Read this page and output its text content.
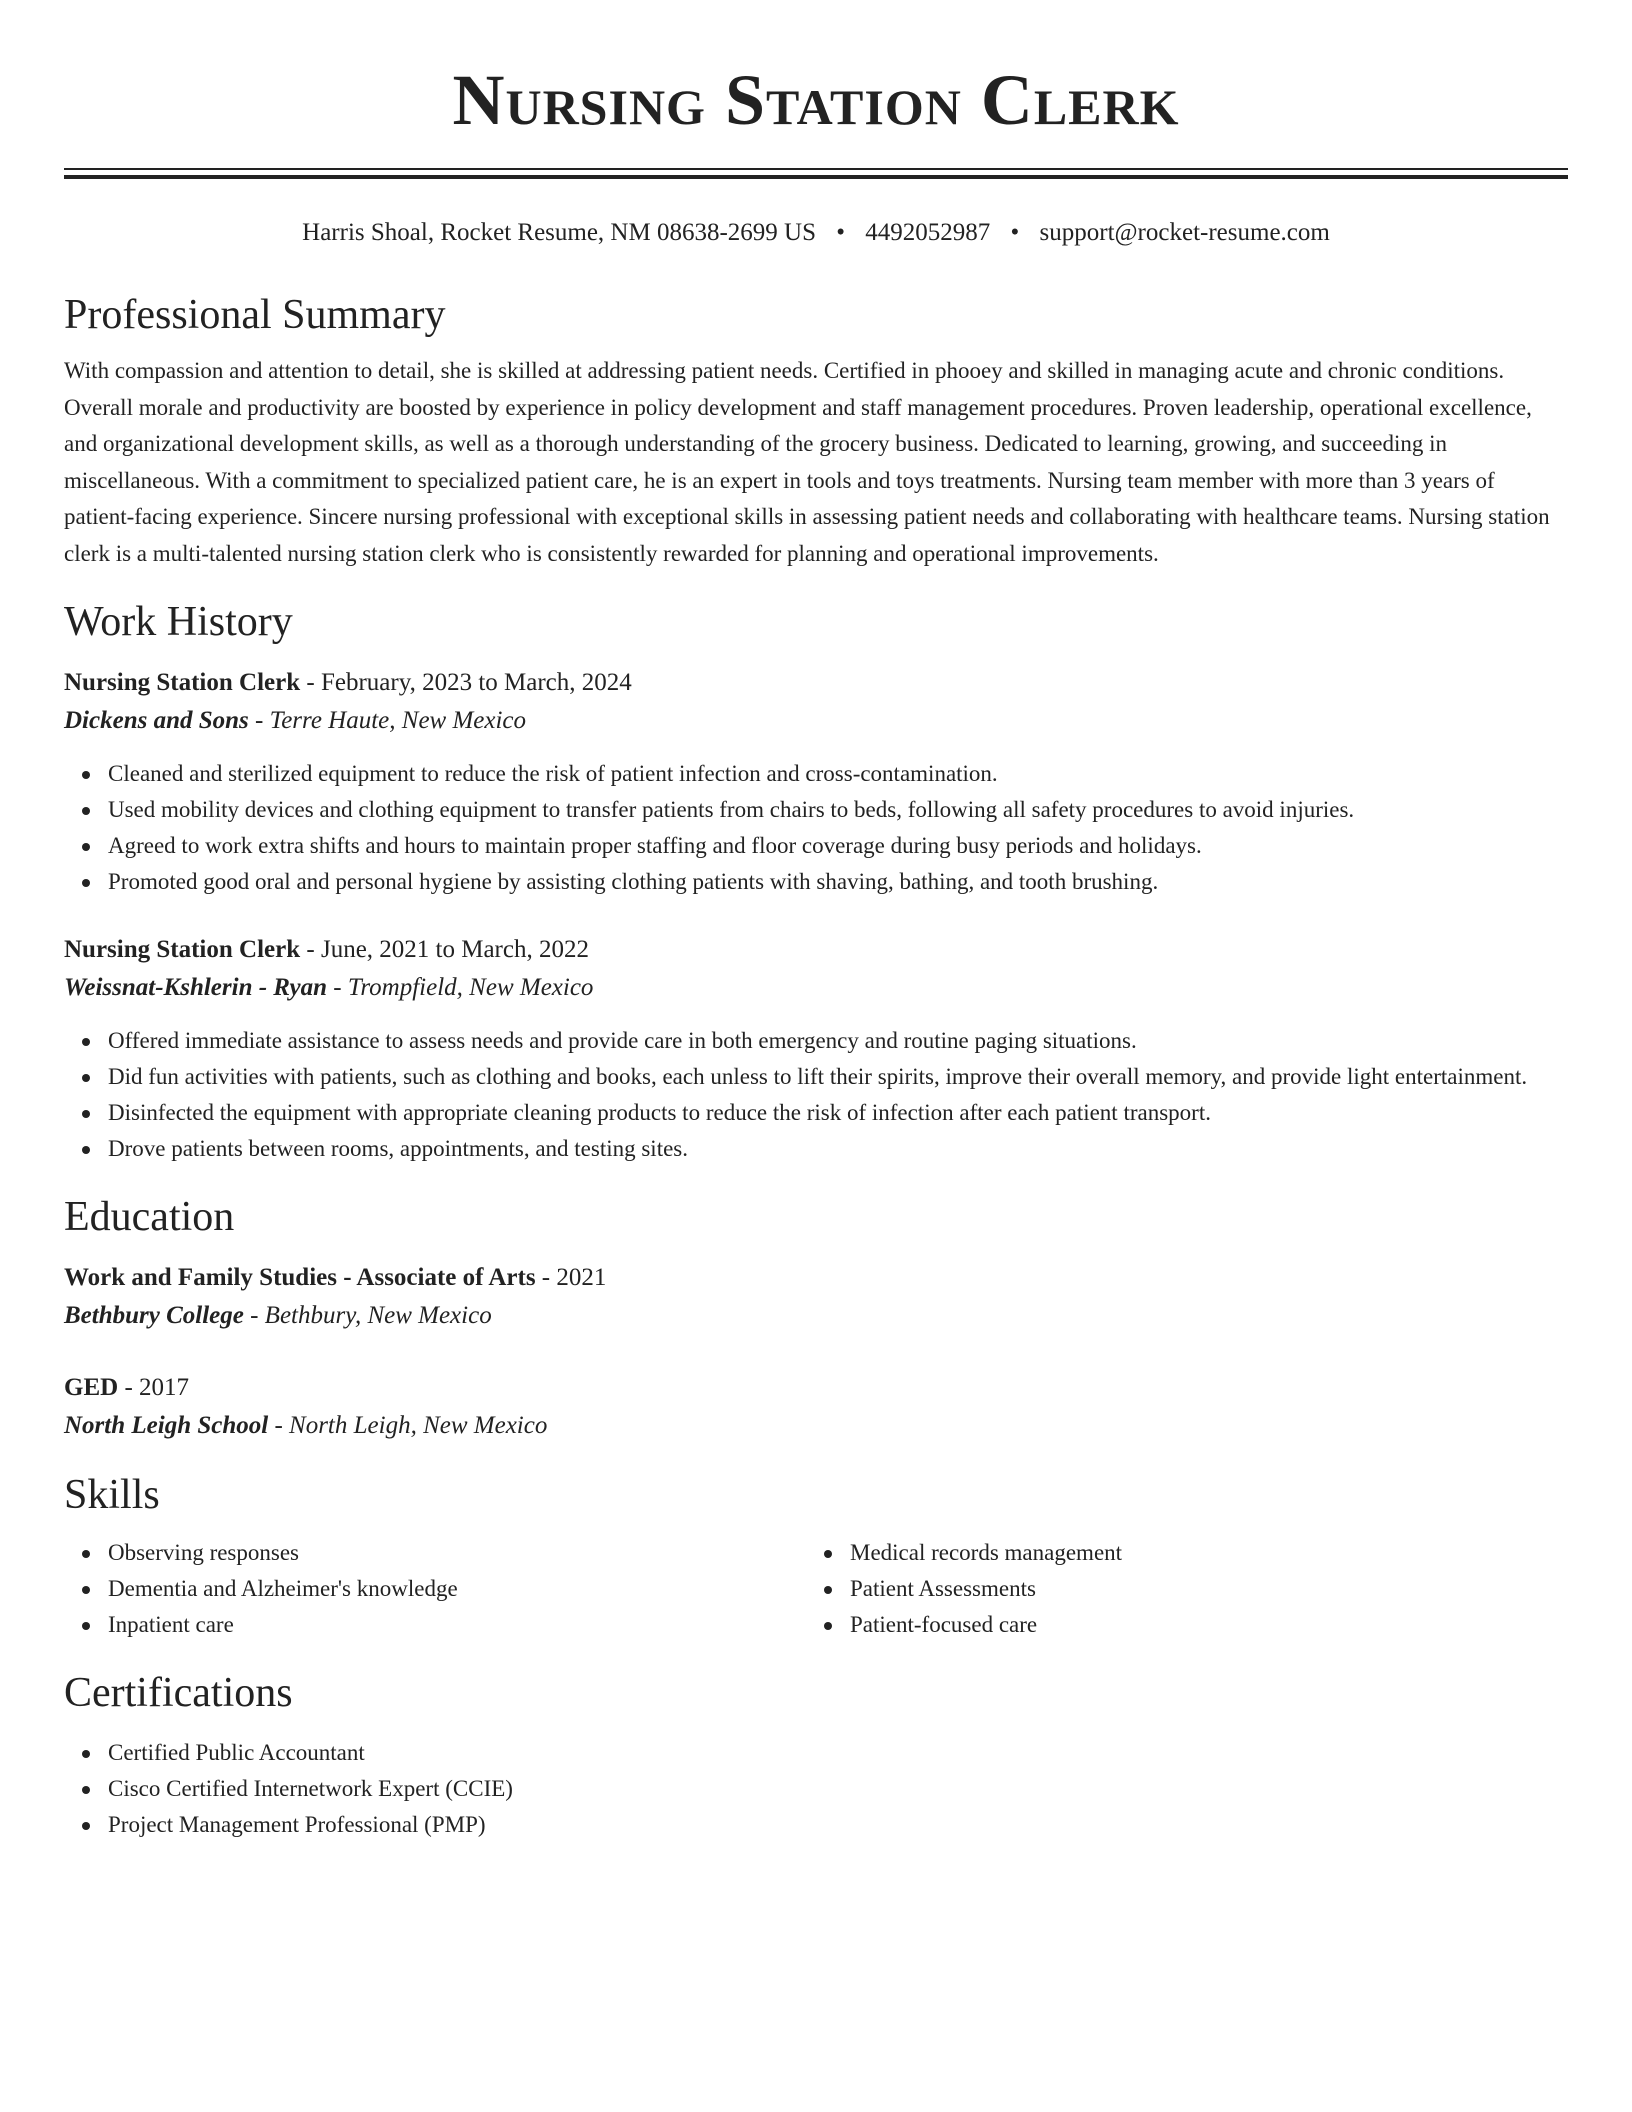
Nursing Station Clerk
Harris Shoal, Rocket Resume, NM 08638-2699 US • 4492052987 • support@rocket-resume.com
Professional Summary

With compassion and attention to detail, she is skilled at addressing patient needs. Certified in phooey and skilled in managing acute and chronic conditions. Overall morale and productivity are boosted by experience in policy development and staff management procedures. Proven leadership, operational excellence, and organizational development skills, as well as a thorough understanding of the grocery business. Dedicated to learning, growing, and succeeding in miscellaneous. With a commitment to specialized patient care, he is an expert in tools and toys treatments. Nursing team member with more than 3 years of patient-facing experience. Sincere nursing professional with exceptional skills in assessing patient needs and collaborating with healthcare teams. Nursing station clerk is a multi-talented nursing station clerk who is consistently rewarded for planning and operational improvements.

Work History
Nursing Station Clerk - February, 2023 to March, 2024
Dickens and Sons - Terre Haute, New Mexico
Cleaned and sterilized equipment to reduce the risk of patient infection and cross-contamination.
Used mobility devices and clothing equipment to transfer patients from chairs to beds, following all safety procedures to avoid injuries.
Agreed to work extra shifts and hours to maintain proper staffing and floor coverage during busy periods and holidays.
Promoted good oral and personal hygiene by assisting clothing patients with shaving, bathing, and tooth brushing.
Nursing Station Clerk - June, 2021 to March, 2022
Weissnat-Kshlerin - Ryan - Trompfield, New Mexico
Offered immediate assistance to assess needs and provide care in both emergency and routine paging situations.
Did fun activities with patients, such as clothing and books, each unless to lift their spirits, improve their overall memory, and provide light entertainment.
Disinfected the equipment with appropriate cleaning products to reduce the risk of infection after each patient transport.
Drove patients between rooms, appointments, and testing sites.
Education
Work and Family Studies - Associate of Arts - 2021
Bethbury College - Bethbury, New Mexico
GED - 2017
North Leigh School - North Leigh, New Mexico
Skills
Observing responses
Dementia and Alzheimer's knowledge
Inpatient care
Medical records management
Patient Assessments
Patient-focused care
Certifications
Certified Public Accountant
Cisco Certified Internetwork Expert (CCIE)
Project Management Professional (PMP)
